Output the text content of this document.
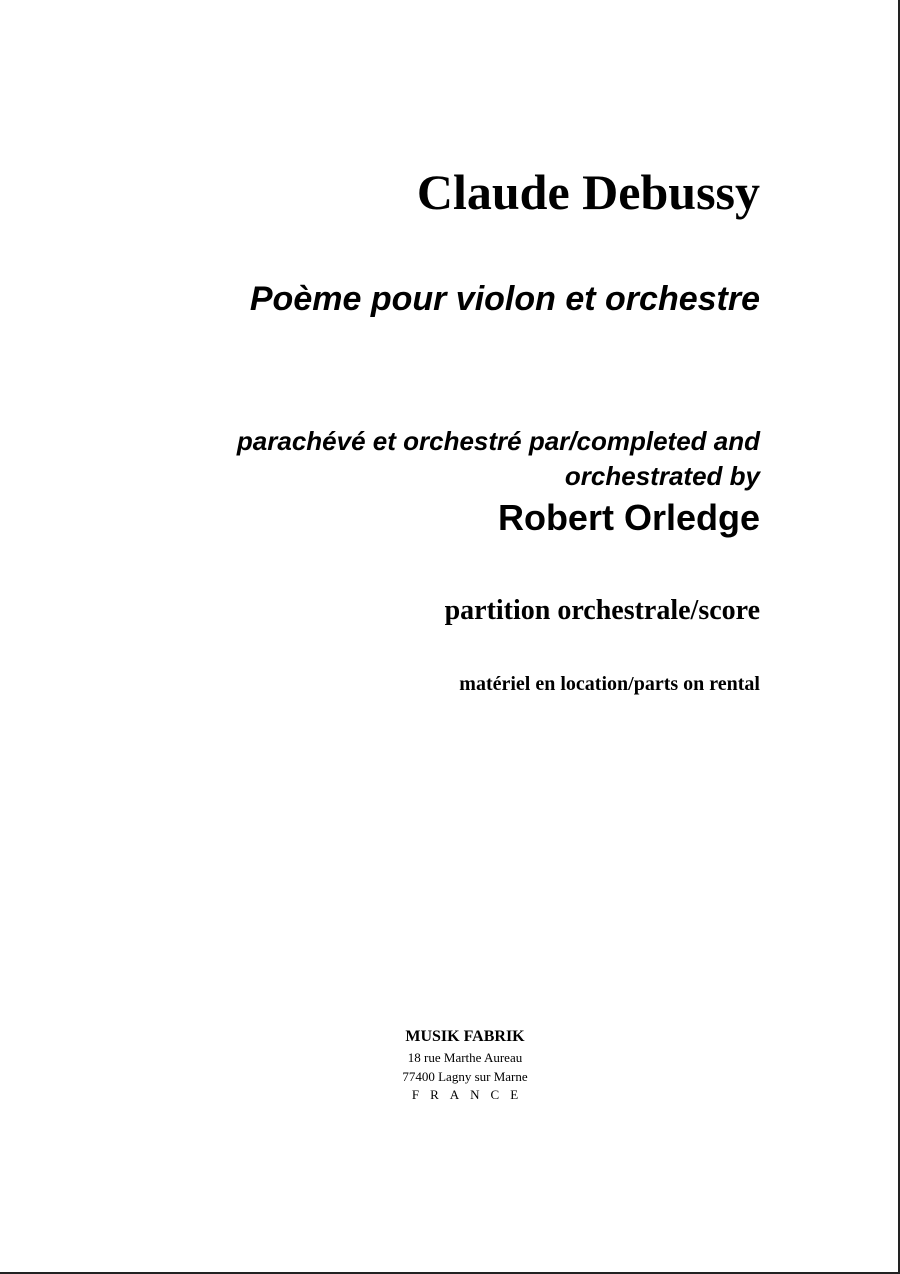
Claude Debussy
Poème pour violon et orchestre
parachévé et orchestré par/completed and orchestrated by
Robert Orledge
partition orchestrale/score
matériel en location/parts on rental
MUSIK FABRIK
18 rue Marthe Aureau
77400 Lagny sur Marne
FRANCE
